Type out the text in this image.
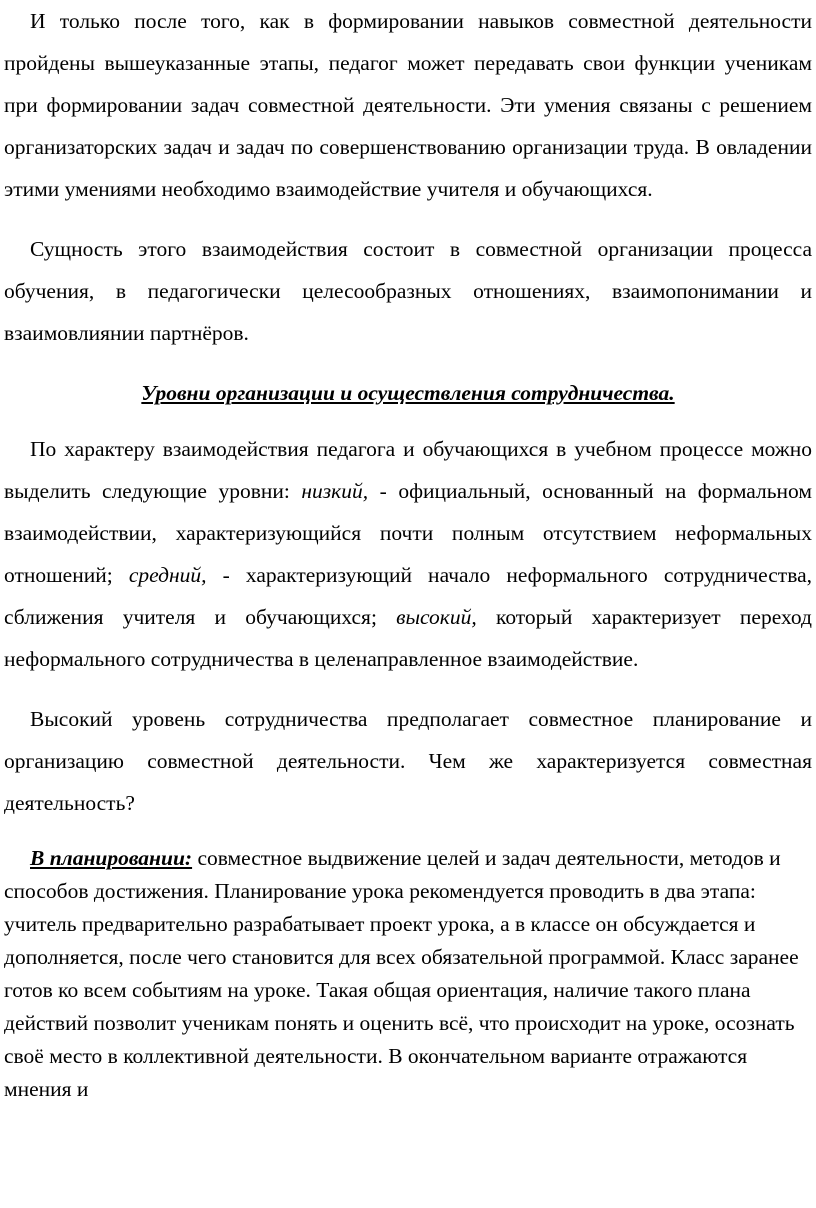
И только после того, как в формировании навыков совместной деятельности пройдены вышеуказанные этапы, педагог может передавать свои функции ученикам при формировании задач совместной деятельности. Эти умения связаны с решением организаторских задач и задач по совершенствованию организации труда. В овладении этими умениями необходимо взаимодействие учителя и обучающихся.

Сущность этого взаимодействия состоит в совместной организации процесса обучения, в педагогически целесообразных отношениях, взаимопонимании и взаимовлиянии партнёров.

Уровни организации и осуществления сотрудничества.

По характеру взаимодействия педагога и обучающихся в учебном процессе можно выделить следующие уровни: низкий, - официальный, основанный на формальном взаимодействии, характеризующийся почти полным отсутствием неформальных отношений; средний, - характеризующий начало неформального сотрудничества, сближения учителя и обучающихся; высокий, который характеризует переход неформального сотрудничества в целенаправленное взаимодействие.

Высокий уровень сотрудничества предполагает совместное планирование и организацию совместной деятельности. Чем же характеризуется совместная деятельность?

В планировании: совместное выдвижение целей и задач деятельности, методов и способов достижения. Планирование урока рекомендуется проводить в два этапа: учитель предварительно разрабатывает проект урока, а в классе он обсуждается и дополняется, после чего становится для всех обязательной программой. Класс заранее готов ко всем событиям на уроке. Такая общая ориентация, наличие такого плана действий позволит ученикам понять и оценить всё, что происходит на уроке, осознать своё место в коллективной деятельности. В окончательном варианте отражаются мнения и
